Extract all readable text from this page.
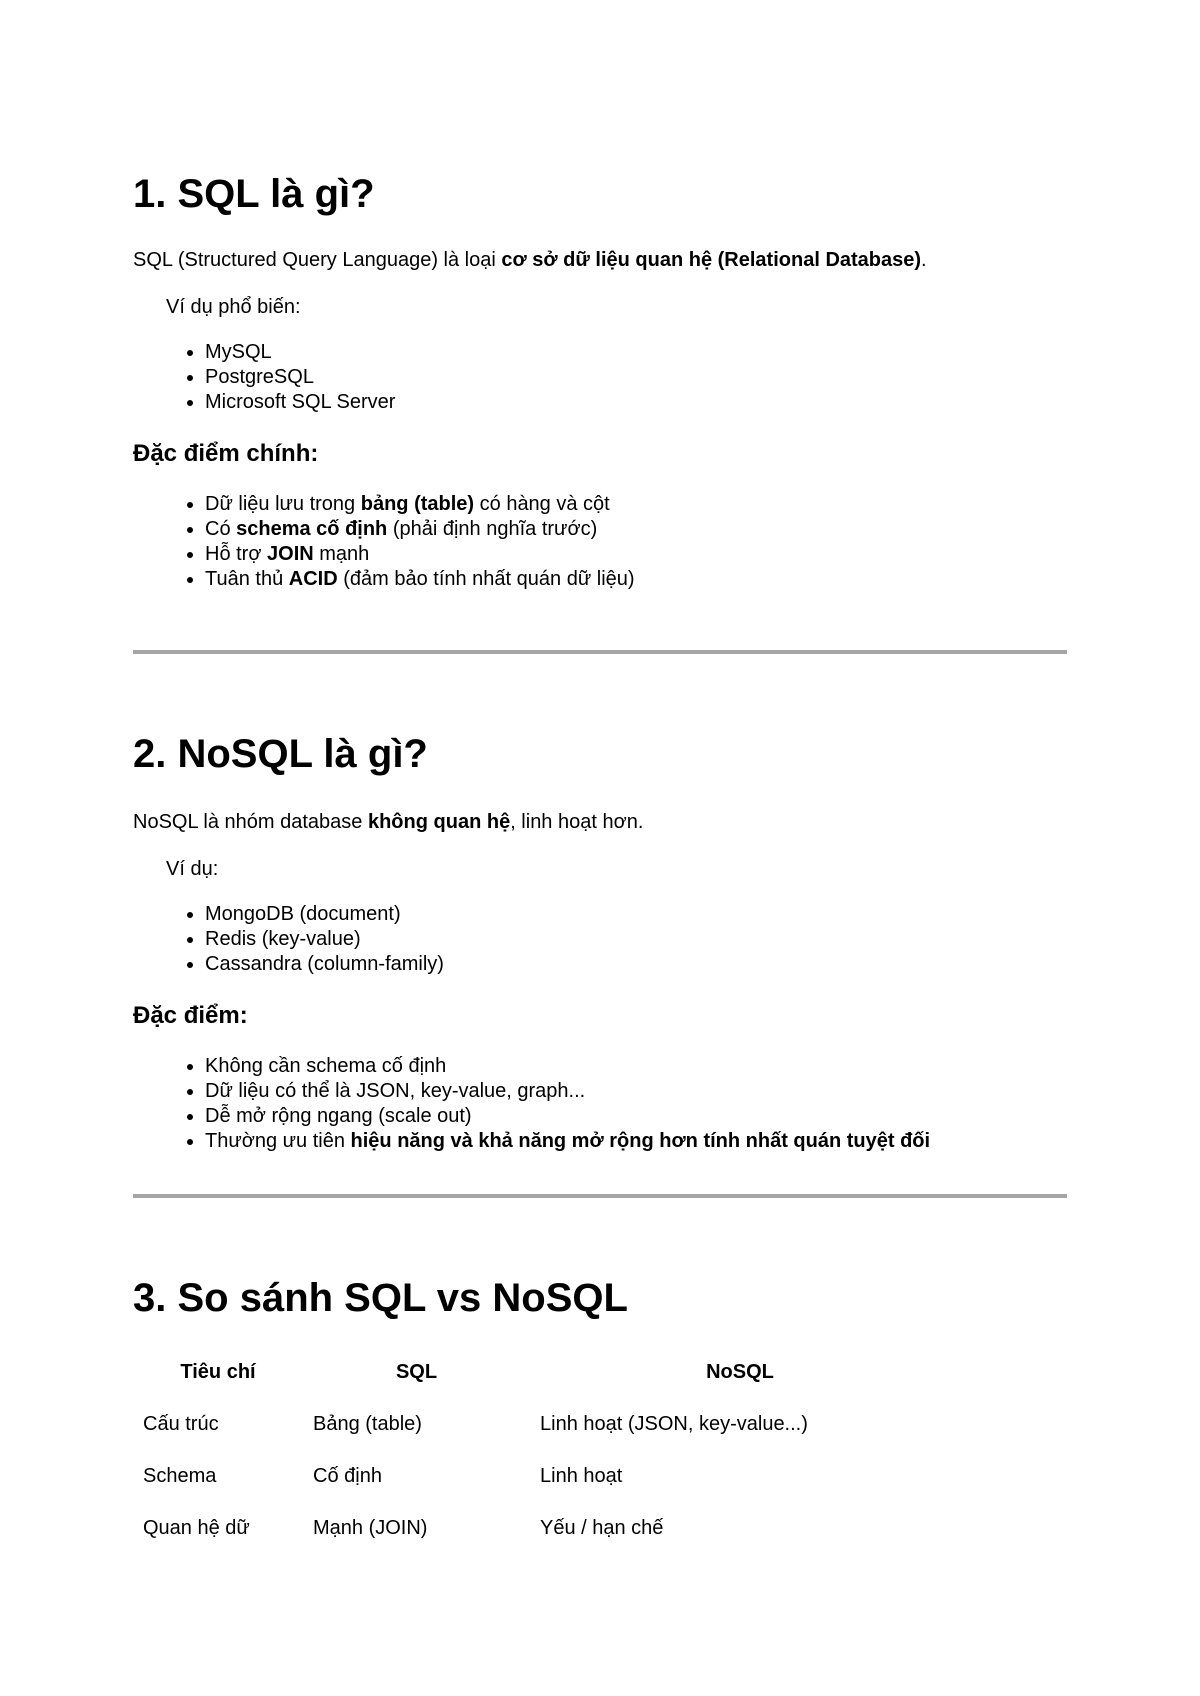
1. SQL là gì?

SQL (Structured Query Language) là loại cơ sở dữ liệu quan hệ (Relational Database).

Ví dụ phổ biến:

• MySQL
• PostgreSQL
• Microsoft SQL Server
Đặc điểm chính:
• Dữ liệu lưu trong bảng (table) có hàng và cột
• Có schema cố định (phải định nghĩa trước)
• Hỗ trợ JOIN mạnh
• Tuân thủ ACID (đảm bảo tính nhất quán dữ liệu)
2. NoSQL là gì?

NoSQL là nhóm database không quan hệ, linh hoạt hơn.

Ví dụ:

• MongoDB (document)
• Redis (key-value)
• Cassandra (column-family)
Đặc điểm:
• Không cần schema cố định
• Dữ liệu có thể là JSON, key-value, graph...
• Dễ mở rộng ngang (scale out)
• Thường ưu tiên hiệu năng và khả năng mở rộng hơn tính nhất quán tuyệt đối
3. So sánh SQL vs NoSQL
Tiêu chí	SQL	NoSQL
Cấu trúc	Bảng (table)	Linh hoạt (JSON, key-value...)
Schema	Cố định	Linh hoạt
Quan hệ dữ	Mạnh (JOIN)	Yếu / hạn chế
